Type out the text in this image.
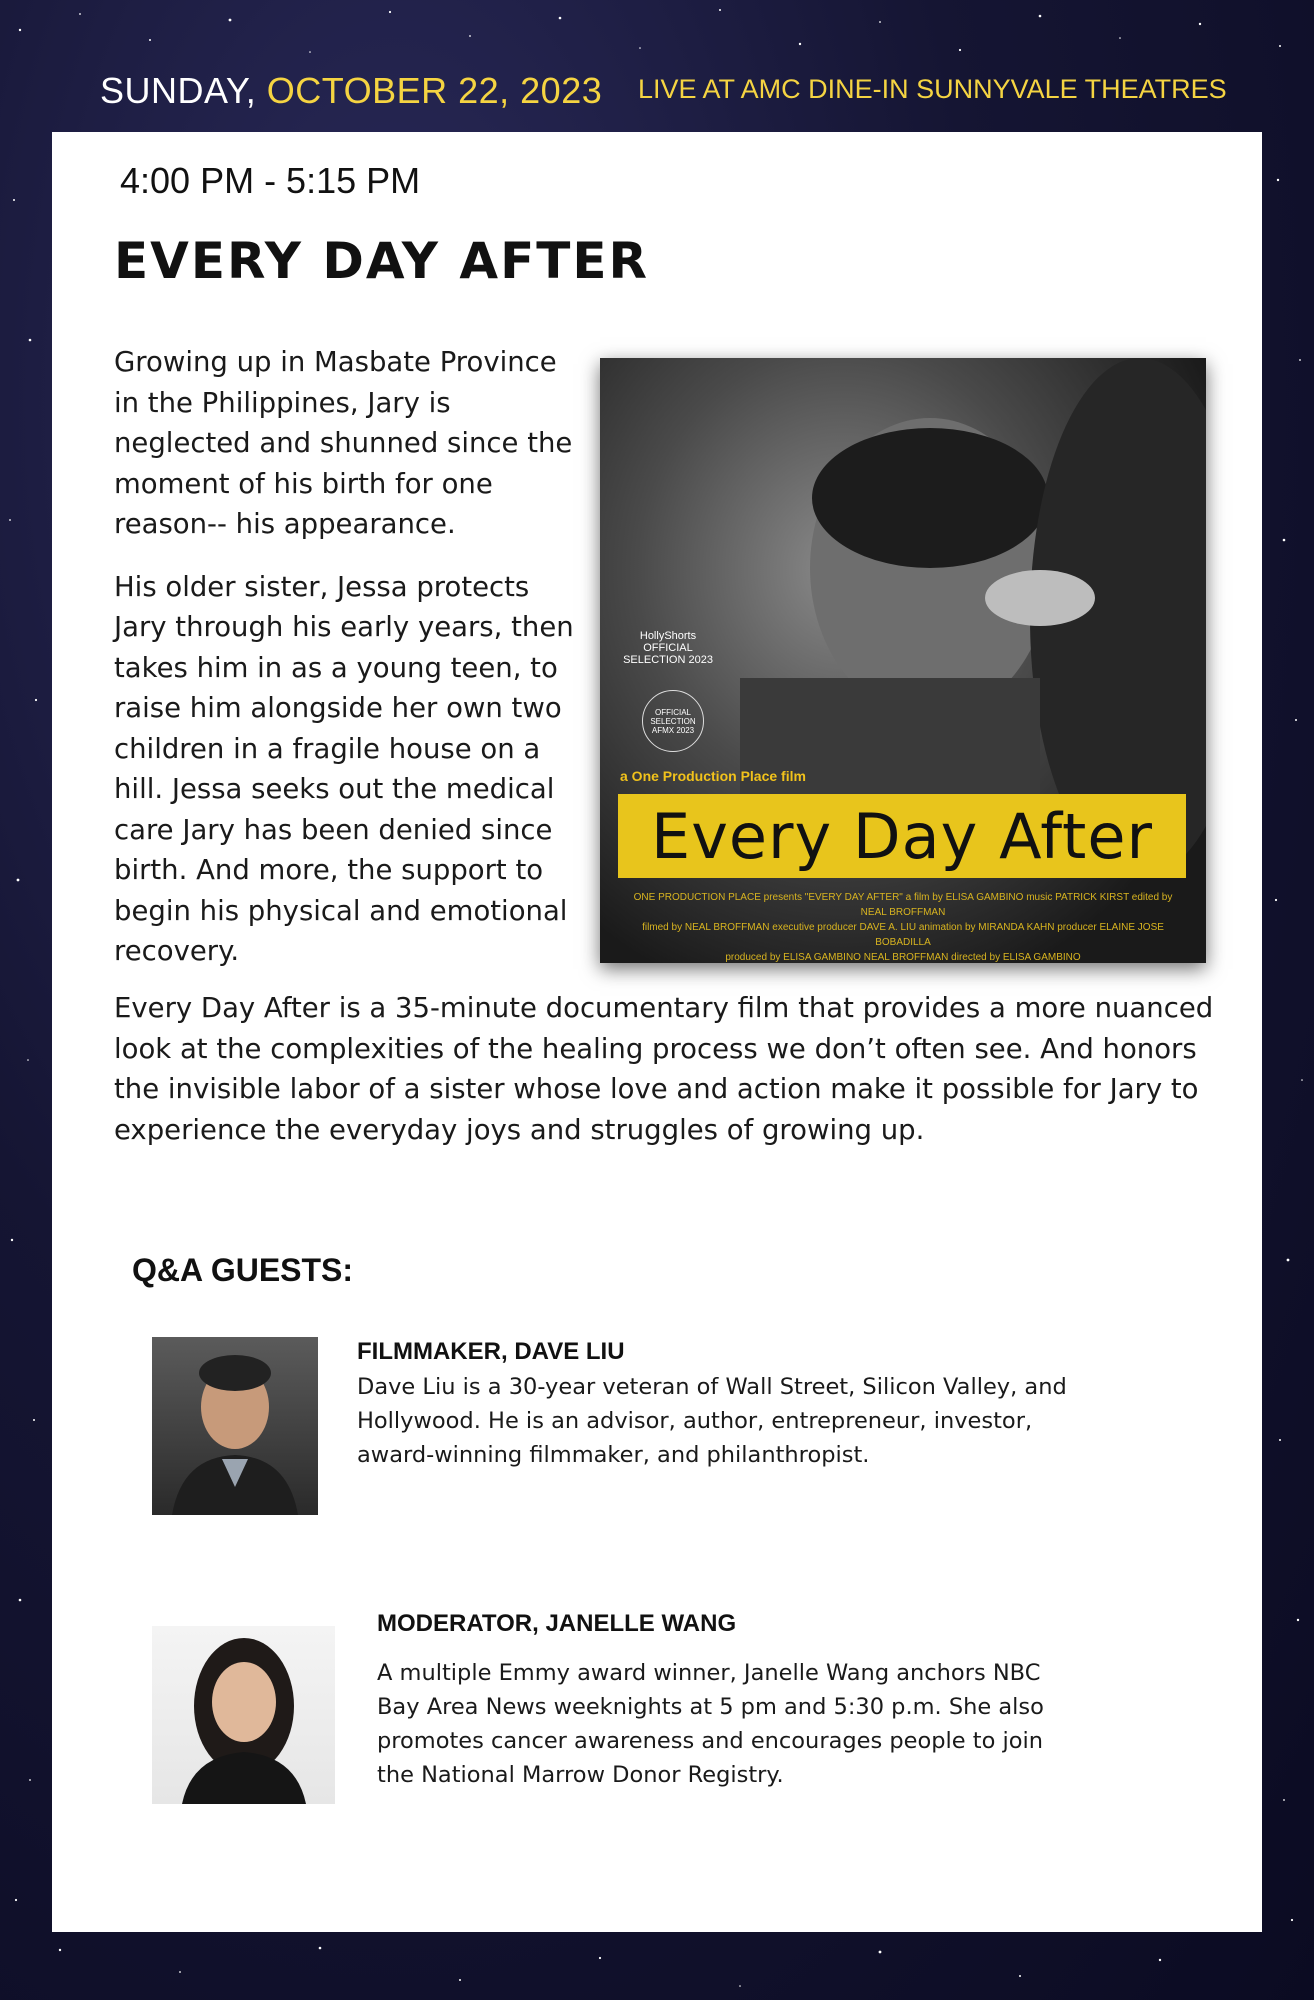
SUNDAY, OCTOBER 22, 2023 LIVE AT AMC DINE-IN SUNNYVALE THEATRES
4:00 PM - 5:15 PM
EVERY DAY AFTER

Growing up in Masbate Province in the Philippines, Jary is neglected and shunned since the moment of his birth for one reason-- his appearance.

His older sister, Jessa protects Jary through his early years, then takes him in as a young teen, to raise him alongside her own two children in a fragile house on a hill. Jessa seeks out the medical care Jary has been denied since birth. And more, the support to begin his physical and emotional recovery.

HollyShorts OFFICIAL SELECTION 2023
OFFICIAL SELECTION AFMX 2023
a One Production Place film
Every Day After
ONE PRODUCTION PLACE presents "EVERY DAY AFTER" a film by ELISA GAMBINO music PATRICK KIRST edited by NEAL BROFFMAN
filmed by NEAL BROFFMAN executive producer DAVE A. LIU animation by MIRANDA KAHN producer ELAINE JOSE BOBADILLA
produced by ELISA GAMBINO NEAL BROFFMAN directed by ELISA GAMBINO
Every Day After is a 35-minute documentary film that provides a more nuanced look at the complexities of the healing process we don’t often see. And honors the invisible labor of a sister whose love and action make it possible for Jary to experience the everyday joys and struggles of growing up.
Q&A GUESTS:
FILMMAKER, DAVE LIU
Dave Liu is a 30-year veteran of Wall Street, Silicon Valley, and Hollywood. He is an advisor, author, entrepreneur, investor, award-winning filmmaker, and philanthropist.
MODERATOR, JANELLE WANG
A multiple Emmy award winner, Janelle Wang anchors NBC Bay Area News weeknights at 5 pm and 5:30 p.m. She also promotes cancer awareness and encourages people to join the National Marrow Donor Registry.
